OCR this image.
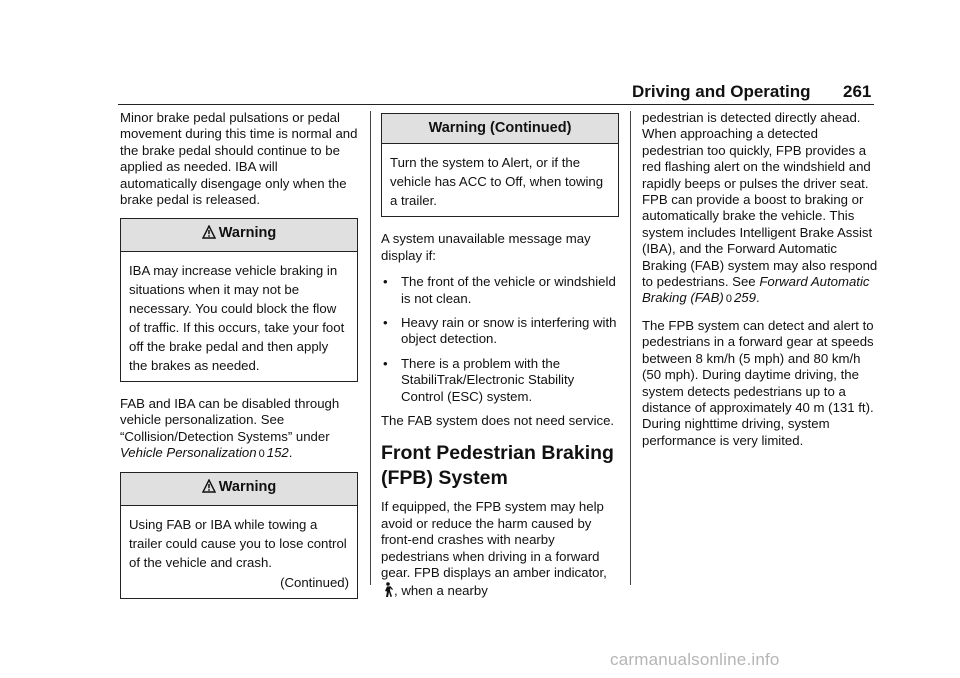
Driving and Operating 261

Minor brake pedal pulsations or pedal movement during this time is normal and the brake pedal should continue to be applied as needed. IBA will automatically disengage only when the brake pedal is released.

Warning
IBA may increase vehicle braking in situations when it may not be necessary. You could block the flow of traffic. If this occurs, take your foot off the brake pedal and then apply the brakes as needed.

FAB and IBA can be disabled through vehicle personalization. See “Collision/Detection Systems” under Vehicle Personalization 0 152.

Warning
Using FAB or IBA while towing a trailer could cause you to lose control of the vehicle and crash.
(Continued)
Warning (Continued)
Turn the system to Alert, or if the vehicle has ACC to Off, when towing a trailer.

A system unavailable message may display if:

•	The front of the vehicle or windshield is not clean.
•	Heavy rain or snow is interfering with object detection.
•	There is a problem with the StabiliTrak/Electronic Stability Control (ESC) system.

The FAB system does not need service.

Front Pedestrian Braking (FPB) System

If equipped, the FPB system may help avoid or reduce the harm caused by front-end crashes with nearby pedestrians when driving in a forward gear. FPB displays an amber indicator, , when a nearby

pedestrian is detected directly ahead. When approaching a detected pedestrian too quickly, FPB provides a red flashing alert on the windshield and rapidly beeps or pulses the driver seat. FPB can provide a boost to braking or automatically brake the vehicle. This system includes Intelligent Brake Assist (IBA), and the Forward Automatic Braking (FAB) system may also respond to pedestrians. See Forward Automatic Braking (FAB) 0 259.

The FPB system can detect and alert to pedestrians in a forward gear at speeds between 8 km/h (5 mph) and 80 km/h (50 mph). During daytime driving, the system detects pedestrians up to a distance of approximately 40 m (131 ft). During nighttime driving, system performance is very limited.

carmanualsonline.info
